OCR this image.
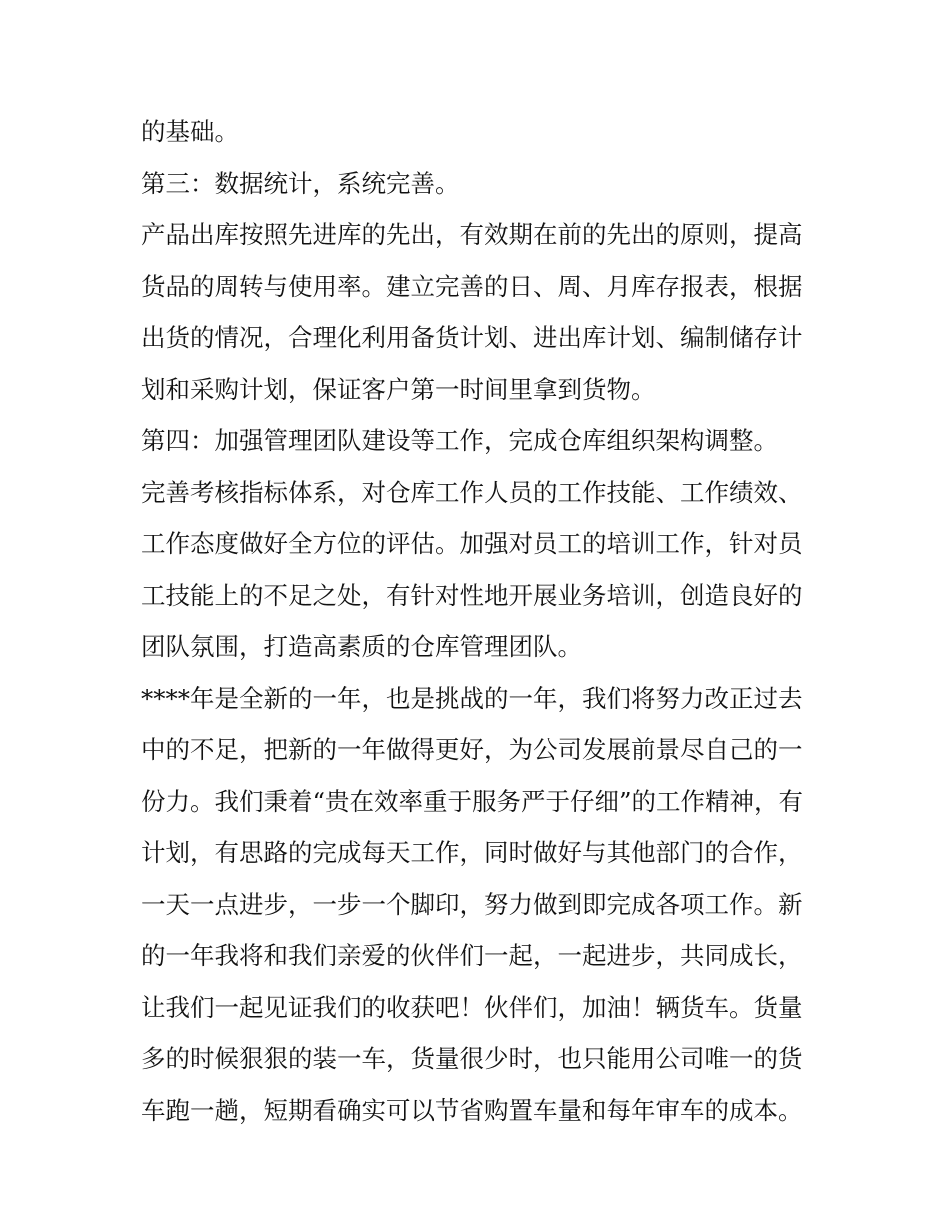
的基础。
第三：数据统计，系统完善。
产品出库按照先进库的先出，有效期在前的先出的原则，提高
货品的周转与使用率。建立完善的日、周、月库存报表，根据
出货的情况，合理化利用备货计划、进出库计划、编制储存计
划和采购计划，保证客户第一时间里拿到货物。
第四：加强管理团队建设等工作，完成仓库组织架构调整。
完善考核指标体系，对仓库工作人员的工作技能、工作绩效、
工作态度做好全方位的评估。加强对员工的培训工作，针对员
工技能上的不足之处，有针对性地开展业务培训，创造良好的
团队氛围，打造高素质的仓库管理团队。
****年是全新的一年，也是挑战的一年，我们将努力改正过去
中的不足，把新的一年做得更好，为公司发展前景尽自己的一
份力。我们秉着“贵在效率重于服务严于仔细”的工作精神，有
计划，有思路的完成每天工作，同时做好与其他部门的合作，
一天一点进步，一步一个脚印，努力做到即完成各项工作。新
的一年我将和我们亲爱的伙伴们一起，一起进步，共同成长，
让我们一起见证我们的收获吧！伙伴们，加油！辆货车。货量
多的时候狠狠的装一车，货量很少时，也只能用公司唯一的货
车跑一趟，短期看确实可以节省购置车量和每年审车的成本。
